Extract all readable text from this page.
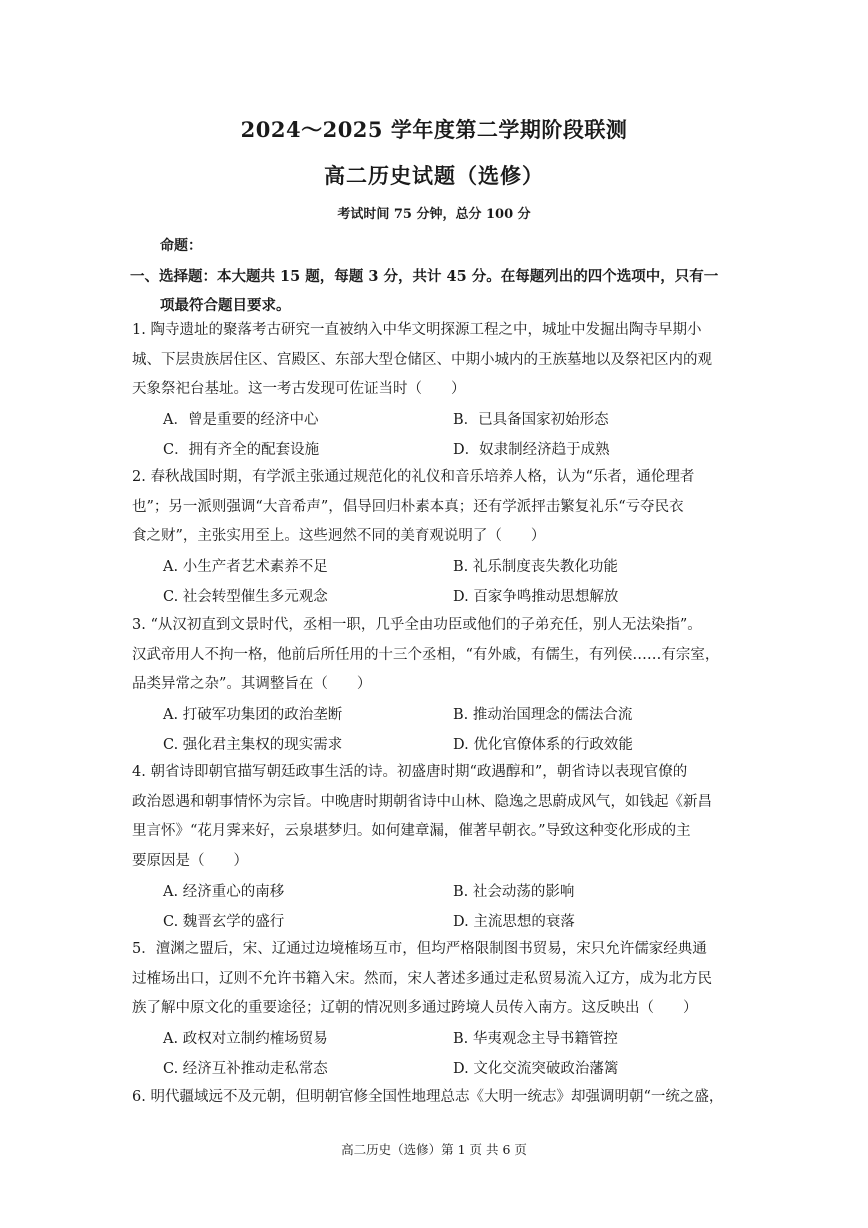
2024～2025 学年度第二学期阶段联测
高二历史试题（选修）
考试时间 75 分钟，总分 100 分
命题：
一、选择题：本大题共 15 题，每题 3 分，共计 45 分。在每题列出的四个选项中，只有一
项最符合题目要求。
1. 陶寺遗址的聚落考古研究一直被纳入中华文明探源工程之中，城址中发掘出陶寺早期小
城、下层贵族居住区、宫殿区、东部大型仓储区、中期小城内的王族墓地以及祭祀区内的观
天象祭祀台基址。这一考古发现可佐证当时（　　）
A．曾是重要的经济中心	B．已具备国家初始形态
C．拥有齐全的配套设施	D．奴隶制经济趋于成熟
2. 春秋战国时期，有学派主张通过规范化的礼仪和音乐培养人格，认为“乐者，通伦理者
也”；另一派则强调“大音希声”，倡导回归朴素本真；还有学派抨击繁复礼乐“亏夺民衣
食之财”，主张实用至上。这些迥然不同的美育观说明了（　　）
A. 小生产者艺术素养不足	B. 礼乐制度丧失教化功能
C. 社会转型催生多元观念	D. 百家争鸣推动思想解放
3. “从汉初直到文景时代，丞相一职，几乎全由功臣或他们的子弟充任，别人无法染指”。
汉武帝用人不拘一格，他前后所任用的十三个丞相，“有外戚，有儒生，有列侯……有宗室，
品类异常之杂”。其调整旨在（　　）
A. 打破军功集团的政治垄断	B. 推动治国理念的儒法合流
C. 强化君主集权的现实需求	D. 优化官僚体系的行政效能
4. 朝省诗即朝官描写朝廷政事生活的诗。初盛唐时期“政遇醇和”，朝省诗以表现官僚的
政治恩遇和朝事情怀为宗旨。中晚唐时期朝省诗中山林、隐逸之思蔚成风气，如钱起《新昌
里言怀》“花月霁来好，云泉堪梦归。如何建章漏，催著早朝衣。”导致这种变化形成的主
要原因是（　　）
A. 经济重心的南移	B. 社会动荡的影响
C. 魏晋玄学的盛行	D. 主流思想的衰落
5．澶渊之盟后，宋、辽通过边境榷场互市，但均严格限制图书贸易，宋只允许儒家经典通
过榷场出口，辽则不允许书籍入宋。然而，宋人著述多通过走私贸易流入辽方，成为北方民
族了解中原文化的重要途径；辽朝的情况则多通过跨境人员传入南方。这反映出（　　）
A. 政权对立制约榷场贸易	B. 华夷观念主导书籍管控
C. 经济互补推动走私常态	D. 文化交流突破政治藩篱
6. 明代疆域远不及元朝，但明朝官修全国性地理总志《大明一统志》却强调明朝“一统之盛，
高二历史（选修）第 1 页 共 6 页
